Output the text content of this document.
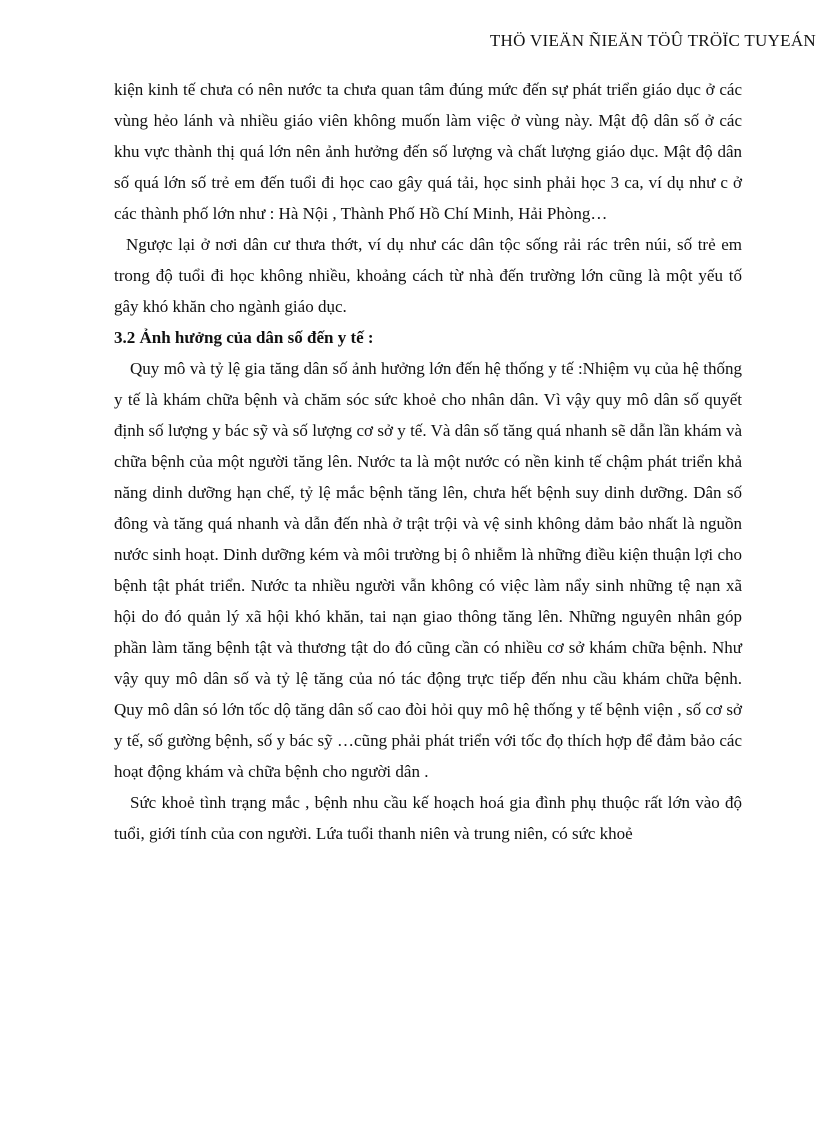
THÖ VIEÄN ÑIEÄN TÖÛ TRÖÏC TUYEÁN

kiện kinh tế chưa có nên nước ta chưa quan tâm đúng mức đến sự phát triển giáo dục ở các vùng hẻo lánh và nhiều giáo viên không muốn làm việc ở vùng này. Mật độ dân số ở các khu vực thành thị quá lớn nên ảnh hưởng đến số lượng và chất lượng giáo dục. Mật độ dân số quá lớn số trẻ em đến tuổi đi học cao gây quá tải, học sinh phải học 3 ca, ví dụ như c ở các thành phố lớn như : Hà Nội , Thành Phố Hồ Chí Minh, Hải Phòng…

Ngược lại ở nơi dân cư thưa thớt, ví dụ như các dân tộc sống rải rác trên núi, số trẻ em trong độ tuổi đi học không nhiều, khoảng cách từ nhà đến trường lớn cũng là một yếu tố gây khó khăn cho ngành giáo dục.

3.2 Ảnh hưởng của dân số đến y tế :

Quy mô và tỷ lệ gia tăng dân số ảnh hưởng lớn đến hệ thống y tế :Nhiệm vụ của hệ thống y tế là khám chữa bệnh và chăm sóc sức khoẻ cho nhân dân. Vì vậy quy mô dân số quyết định số lượng y bác sỹ và số lượng cơ sở y tế. Và dân số tăng quá nhanh sẽ dẫn lần khám và chữa bệnh của một người tăng lên. Nước ta là một nước có nền kinh tế chậm phát triển khả năng dinh dưỡng hạn chế, tỷ lệ mắc bệnh tăng lên, chưa hết bệnh suy dinh dưỡng. Dân số đông và tăng quá nhanh và dẫn đến nhà ở trật trội và vệ sinh không dảm bảo nhất là nguồn nước sinh hoạt. Dinh dưỡng kém và môi trường bị ô nhiễm là những điều kiện thuận lợi cho bệnh tật phát triển. Nước ta nhiều người vẫn không có việc làm nẩy sinh những tệ nạn xã hội do đó quản lý xã hội khó khăn, tai nạn giao thông tăng lên. Những nguyên nhân góp phần làm tăng bệnh tật và thương tật do đó cũng cần có nhiều cơ sở khám chữa bệnh. Như vậy quy mô dân số và tỷ lệ tăng của nó tác động trực tiếp đến nhu cầu khám chữa bệnh. Quy mô dân só lớn tốc dộ tăng dân số cao đòi hỏi quy mô hệ thống y tế bệnh viện , số cơ sở y tế, số gường bệnh, số y bác sỹ …cũng phải phát triển với tốc đọ thích hợp để đảm bảo các hoạt động khám và chữa bệnh cho người dân .

Sức khoẻ tình trạng mắc , bệnh nhu cầu kế hoạch hoá gia đình phụ thuộc rất lớn vào độ tuổi, giới tính của con người. Lứa tuổi thanh niên và trung niên, có sức khoẻ
